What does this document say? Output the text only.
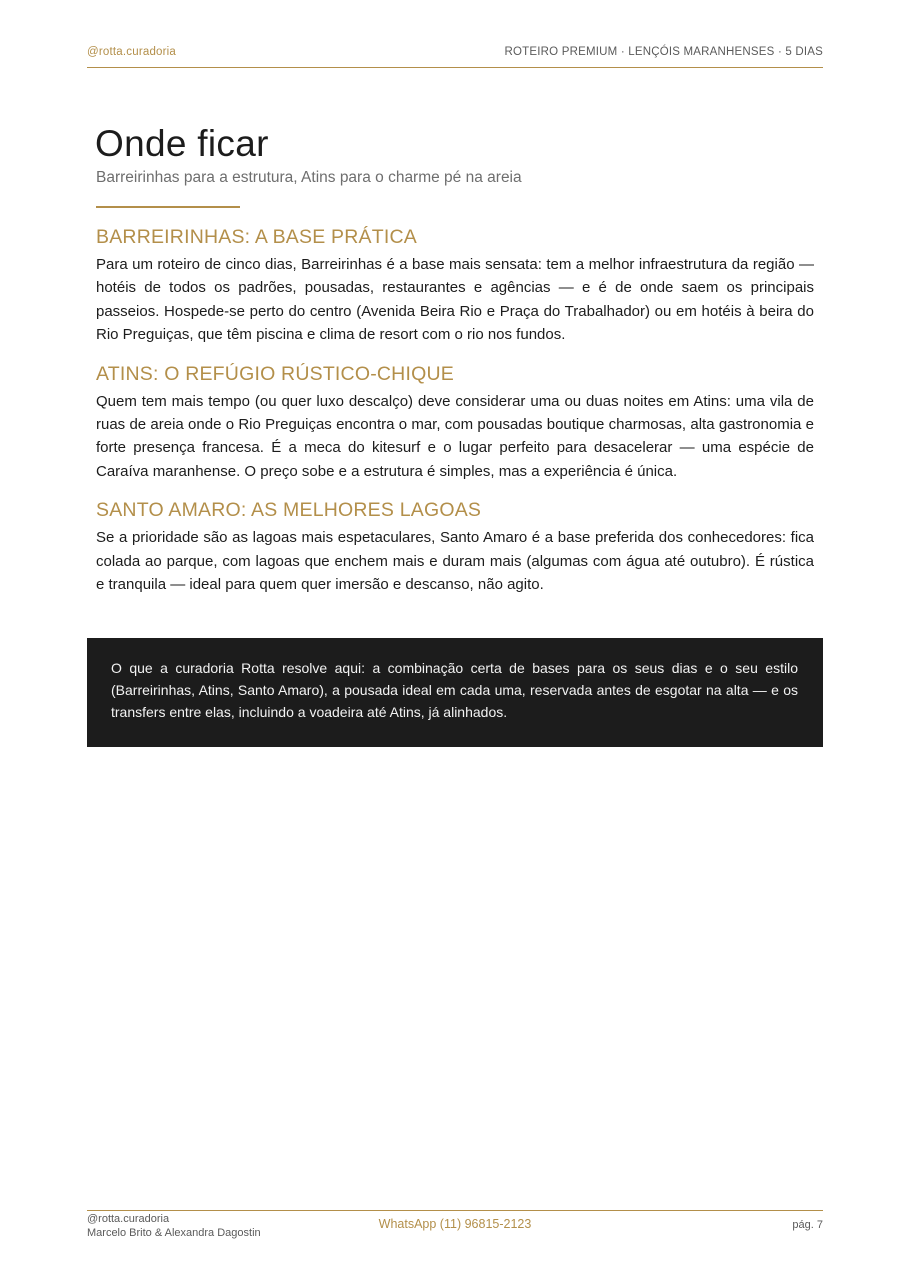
@rotta.curadoria	ROTEIRO PREMIUM · LENÇÓIS MARANHENSES · 5 DIAS
Onde ficar
Barreirinhas para a estrutura, Atins para o charme pé na areia
BARREIRINHAS: A BASE PRÁTICA

Para um roteiro de cinco dias, Barreirinhas é a base mais sensata: tem a melhor infraestrutura da região — hotéis de todos os padrões, pousadas, restaurantes e agências — e é de onde saem os principais passeios. Hospede-se perto do centro (Avenida Beira Rio e Praça do Trabalhador) ou em hotéis à beira do Rio Preguiças, que têm piscina e clima de resort com o rio nos fundos.

ATINS: O REFÚGIO RÚSTICO-CHIQUE

Quem tem mais tempo (ou quer luxo descalço) deve considerar uma ou duas noites em Atins: uma vila de ruas de areia onde o Rio Preguiças encontra o mar, com pousadas boutique charmosas, alta gastronomia e forte presença francesa. É a meca do kitesurf e o lugar perfeito para desacelerar — uma espécie de Caraíva maranhense. O preço sobe e a estrutura é simples, mas a experiência é única.

SANTO AMARO: AS MELHORES LAGOAS

Se a prioridade são as lagoas mais espetaculares, Santo Amaro é a base preferida dos conhecedores: fica colada ao parque, com lagoas que enchem mais e duram mais (algumas com água até outubro). É rústica e tranquila — ideal para quem quer imersão e descanso, não agito.

O que a curadoria Rotta resolve aqui: a combinação certa de bases para os seus dias e o seu estilo (Barreirinhas, Atins, Santo Amaro), a pousada ideal em cada uma, reservada antes de esgotar na alta — e os transfers entre elas, incluindo a voadeira até Atins, já alinhados.

@rotta.curadoria
Marcelo Brito & Alexandra Dagostin
WhatsApp (11) 96815-2123	pág. 7
